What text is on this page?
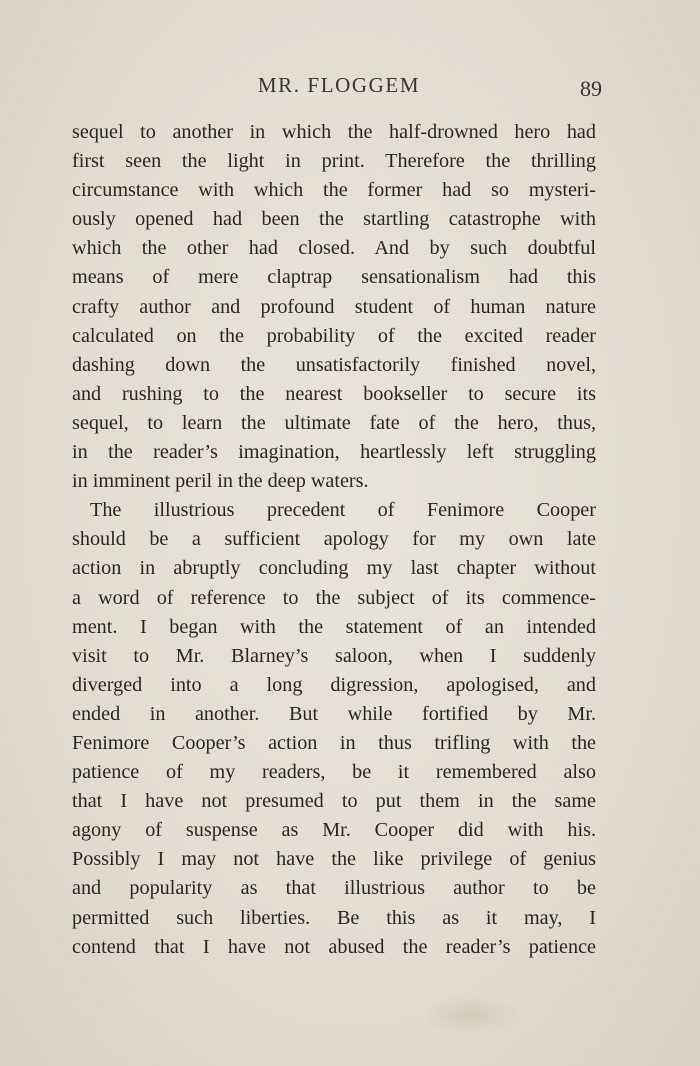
MR. FLOGGEM	89
sequel to another in which the half-drowned hero had
first seen the light in print. Therefore the thrilling
circumstance with which the former had so mysteri-
ously opened had been the startling catastrophe with
which the other had closed. And by such doubtful
means of mere claptrap sensationalism had this
crafty author and profound student of human nature
calculated on the probability of the excited reader
dashing down the unsatisfactorily finished novel,
and rushing to the nearest bookseller to secure its
sequel, to learn the ultimate fate of the hero, thus,
in the reader’s imagination, heartlessly left struggling
in imminent peril in the deep waters.
The illustrious precedent of Fenimore Cooper
should be a sufficient apology for my own late
action in abruptly concluding my last chapter without
a word of reference to the subject of its commence-
ment. I began with the statement of an intended
visit to Mr. Blarney’s saloon, when I suddenly
diverged into a long digression, apologised, and
ended in another. But while fortified by Mr.
Fenimore Cooper’s action in thus trifling with the
patience of my readers, be it remembered also
that I have not presumed to put them in the same
agony of suspense as Mr. Cooper did with his.
Possibly I may not have the like privilege of genius
and popularity as that illustrious author to be
permitted such liberties. Be this as it may, I
contend that I have not abused the reader’s patience
